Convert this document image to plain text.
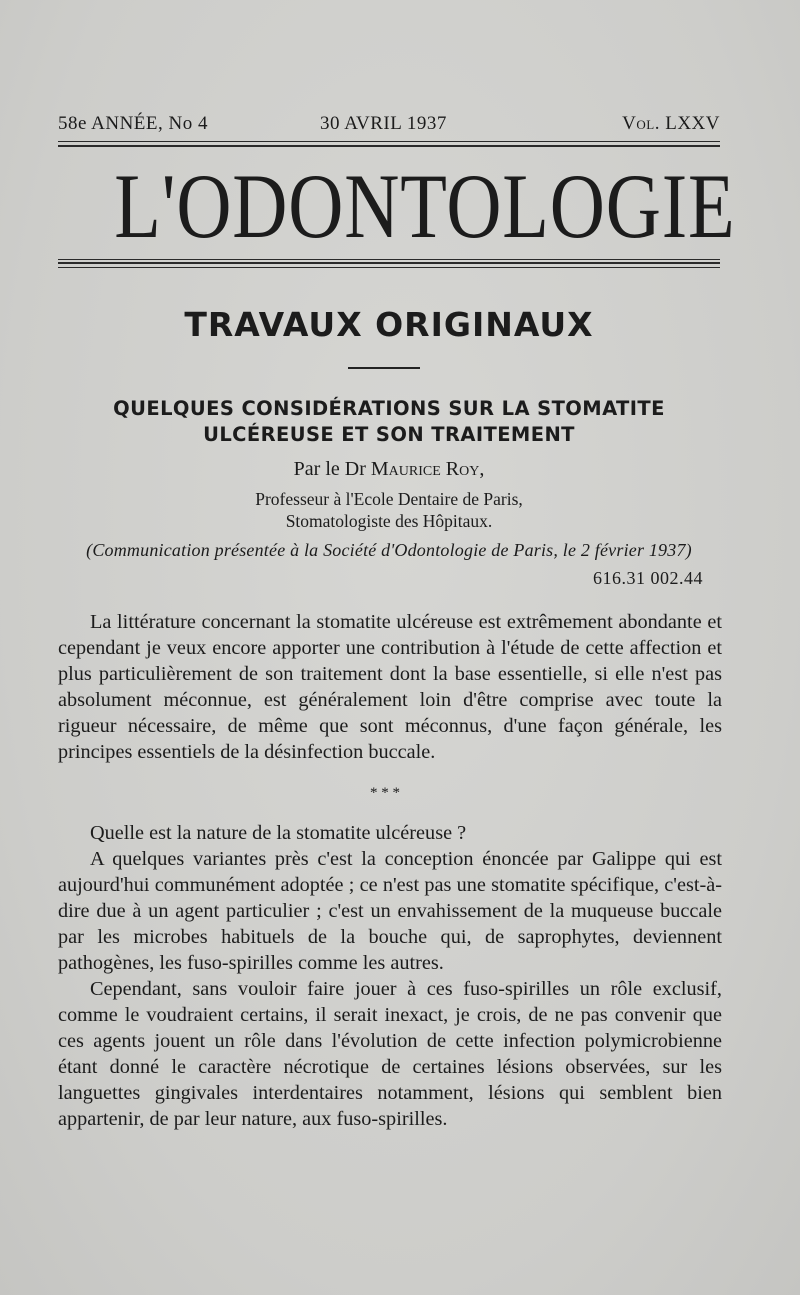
58e ANNÉE, No 4	30 AVRIL 1937	Vol. LXXV
L'ODONTOLOGIE
TRAVAUX ORIGINAUX
QUELQUES CONSIDÉRATIONS SUR LA STOMATITE
ULCÉREUSE ET SON TRAITEMENT
Par le Dr Maurice Roy,
Professeur à l'Ecole Dentaire de Paris,
Stomatologiste des Hôpitaux.
(Communication présentée à la Société d'Odontologie de Paris, le 2 février 1937)
616.31 002.44

La littérature concernant la stomatite ulcéreuse est extrêmement abondante et cependant je veux encore apporter une contribution à l'étude de cette affection et plus particulièrement de son traitement dont la base essentielle, si elle n'est pas absolument méconnue, est généralement loin d'être comprise avec toute la rigueur nécessaire, de même que sont méconnus, d'une façon générale, les principes essentiels de la désinfection buccale.

* * *

Quelle est la nature de la stomatite ulcéreuse ?

A quelques variantes près c'est la conception énoncée par Galippe qui est aujourd'hui communément adoptée ; ce n'est pas une stomatite spécifique, c'est-à-dire due à un agent particulier ; c'est un envahissement de la muqueuse buccale par les microbes habituels de la bouche qui, de saprophytes, deviennent pathogènes, les fuso-spirilles comme les autres.

Cependant, sans vouloir faire jouer à ces fuso-spirilles un rôle exclusif, comme le voudraient certains, il serait inexact, je crois, de ne pas convenir que ces agents jouent un rôle dans l'évolution de cette infection polymicrobienne étant donné le caractère nécrotique de certaines lésions observées, sur les languettes gingivales interdentaires notamment, lésions qui semblent bien appartenir, de par leur nature, aux fuso-spirilles.
